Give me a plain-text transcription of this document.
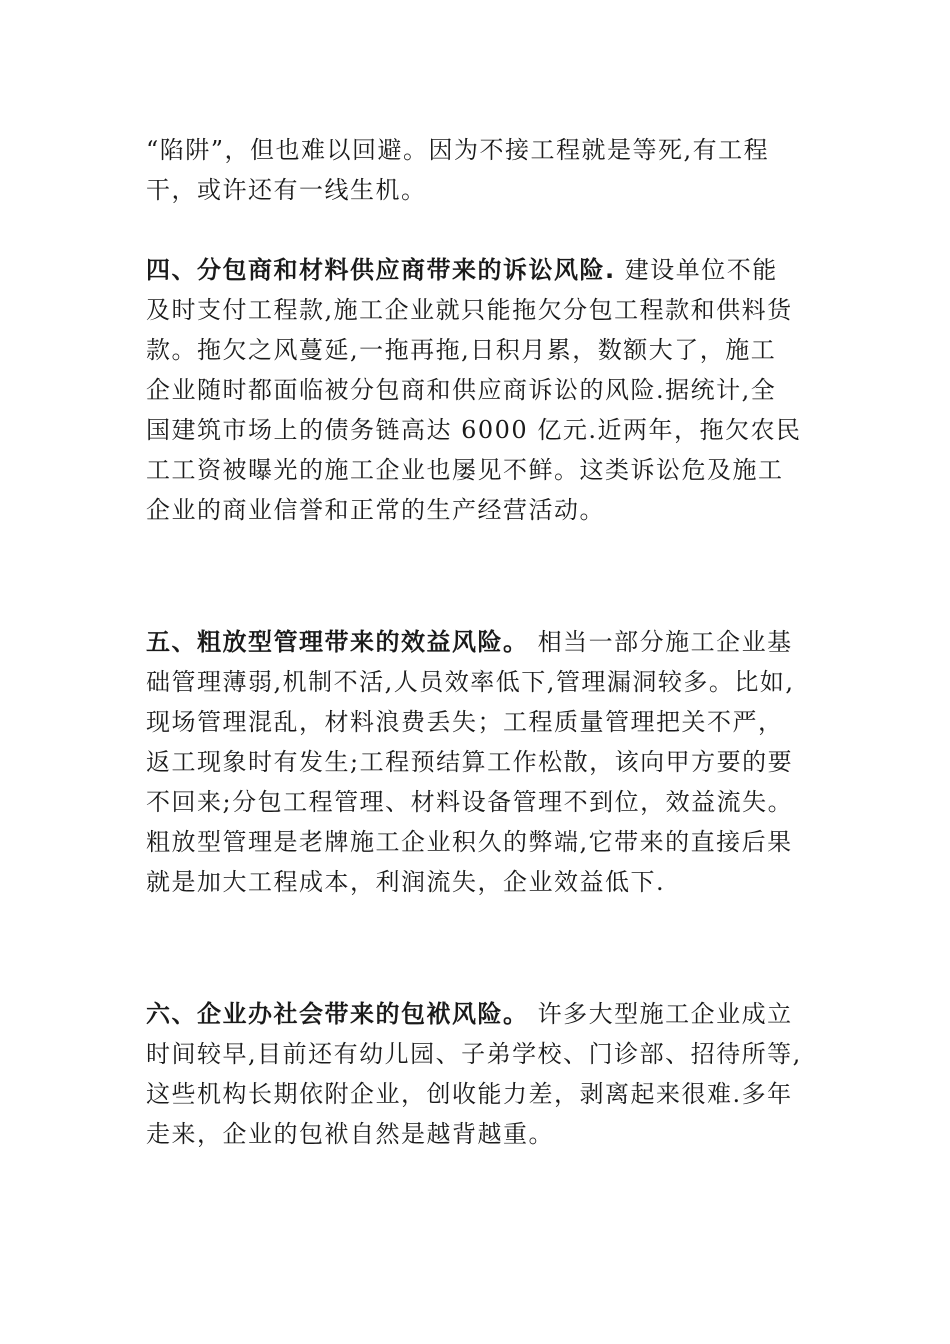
“陷阱”，但也难以回避。因为不接工程就是等死,有工程
干，或许还有一线生机。

四、分包商和材料供应商带来的诉讼风险. 建设单位不能
及时支付工程款,施工企业就只能拖欠分包工程款和供料货
款。拖欠之风蔓延,一拖再拖,日积月累，数额大了，施工
企业随时都面临被分包商和供应商诉讼的风险.据统计,全
国建筑市场上的债务链高达 6000 亿元.近两年，拖欠农民
工工资被曝光的施工企业也屡见不鲜。这类诉讼危及施工
企业的商业信誉和正常的生产经营活动。

五、粗放型管理带来的效益风险。 相当一部分施工企业基
础管理薄弱,机制不活,人员效率低下,管理漏洞较多。比如,
现场管理混乱，材料浪费丢失；工程质量管理把关不严，
返工现象时有发生;工程预结算工作松散，该向甲方要的要
不回来;分包工程管理、材料设备管理不到位，效益流失。
粗放型管理是老牌施工企业积久的弊端,它带来的直接后果
就是加大工程成本，利润流失，企业效益低下.

六、企业办社会带来的包袱风险。 许多大型施工企业成立
时间较早,目前还有幼儿园、子弟学校、门诊部、招待所等,
这些机构长期依附企业，创收能力差，剥离起来很难.多年
走来，企业的包袱自然是越背越重。
